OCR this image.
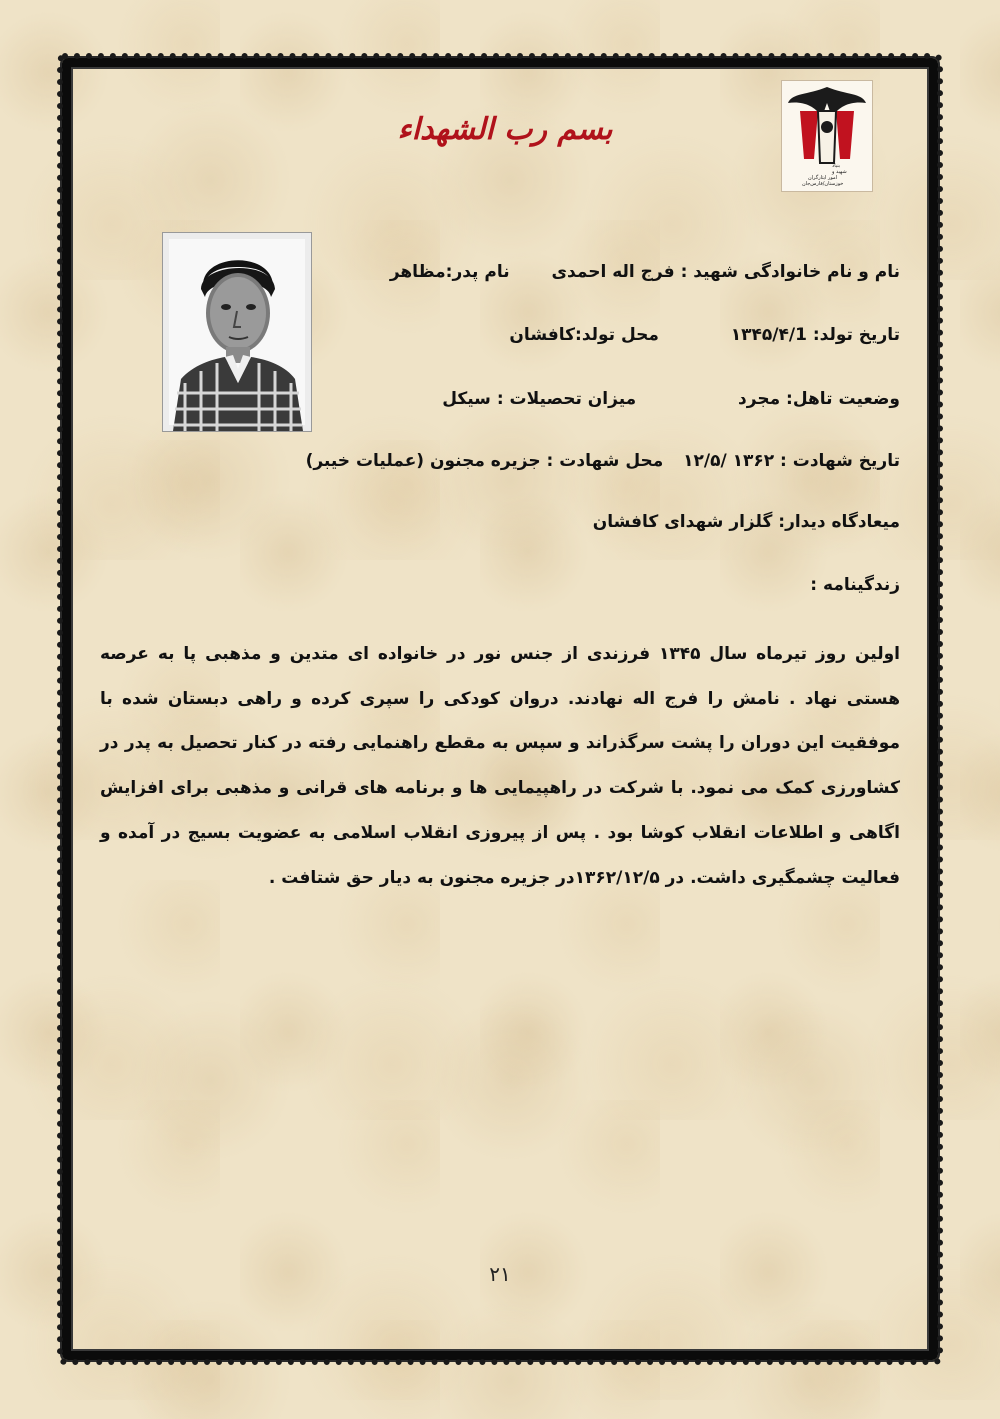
بسم رب الشهداء
بنیاد
شهید و
امور ایثارگران
خوزستان/فارس‌جان
نام و نام خانوادگی شهید : فرج اله احمدی  نام پدر:مظاهر
تاریخ تولد: ۱۳۴۵/۴/1  محل تولد:کافشان
وضعیت تاهل: مجرد  میزان تحصیلات : سیکل
تاریخ شهادت : ۱۳۶۲ /۱۲/۵  محل شهادت : جزیره مجنون (عملیات خیبر)
میعادگاه دیدار: گلزار شهدای کافشان
زندگینامه :

اولین روز تیرماه سال ۱۳۴۵ فرزندی از جنس نور در خانواده ای متدین و مذهبی پا به عرصه هستی نهاد . نامش را فرج اله نهادند. دروان کودکی را سپری کرده و راهی دبستان شده با موفقیت این دوران را پشت سرگذراند و سپس به مقطع راهنمایی رفته در کنار تحصیل به پدر در کشاورزی کمک می نمود. با شرکت در راهپیمایی ها و برنامه های قرانی و مذهبی برای افزایش اگاهی و اطلاعات انقلاب کوشا بود . پس از پیروزی انقلاب اسلامی به عضویت بسیج در آمده و فعالیت چشمگیری داشت. در ۱۳۶۲/۱۲/۵در جزیره مجنون به دیار حق شتافت .

۲۱
